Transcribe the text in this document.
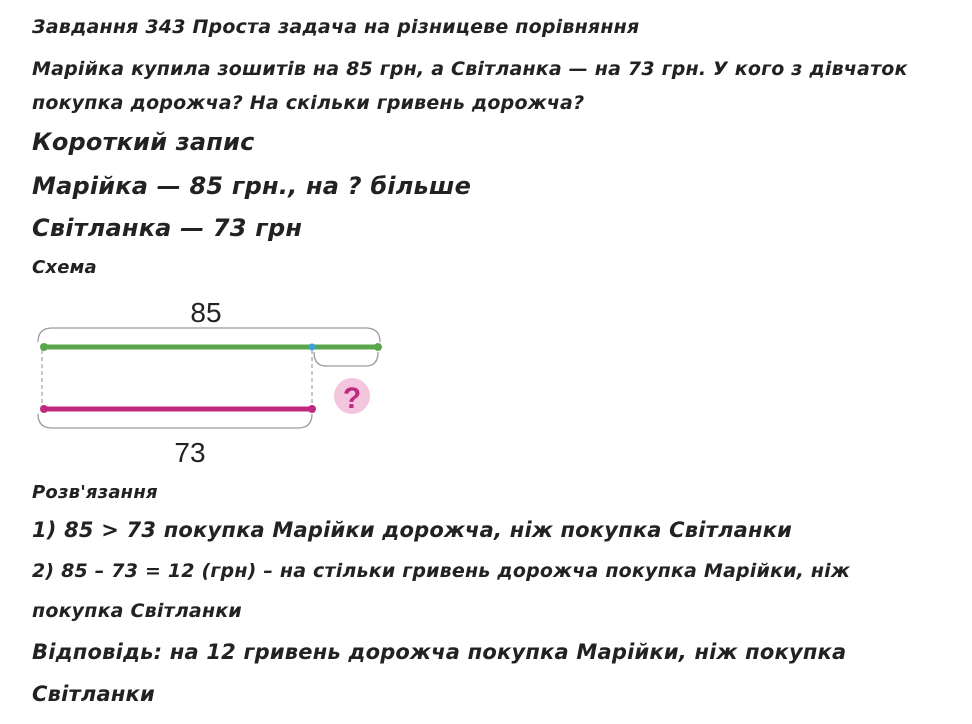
Завдання 343 Проста задача на різницеве порівняння
Марійка купила зошитів на 85 грн, а Світланка — на 73 грн. У кого з дівчаток
покупка дорожча? На скільки гривень дорожча?
Короткий запис
Марійка — 85 грн., на ? більше
Світланка — 73 грн
Схема
85
?
73
Розв'язання
1) 85 > 73 покупка Марійки дорожча, ніж покупка Світланки
2) 85 – 73 = 12 (грн) – на стільки гривень дорожча покупка Марійки, ніж
покупка Світланки
Відповідь: на 12 гривень дорожча покупка Марійки, ніж покупка
Світланки
